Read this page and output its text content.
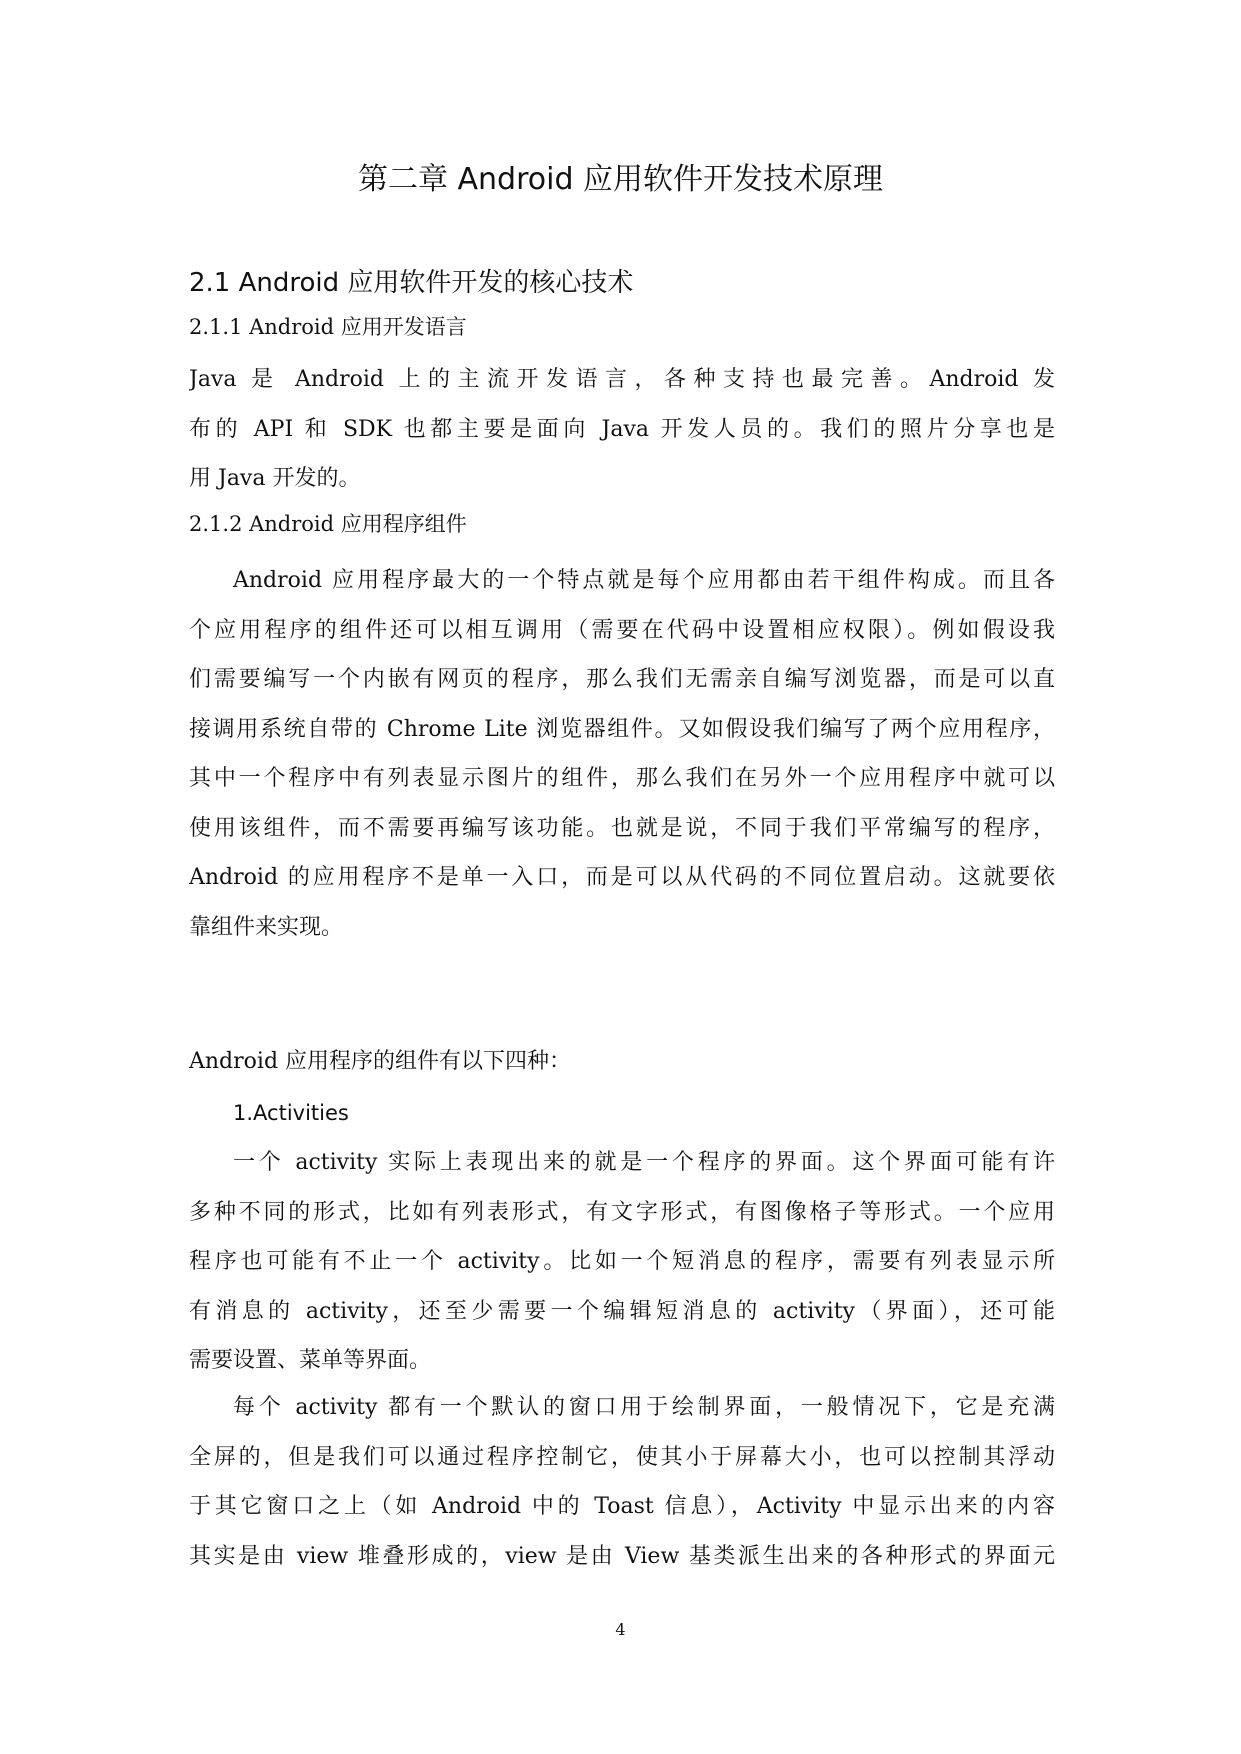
第二章 Android 应用软件开发技术原理
2.1 Android 应用软件开发的核心技术
2.1.1 Android 应用开发语言
Java 是 Android 上的主流开发语言，各种支持也最完善。Android 发
布的 API 和 SDK 也都主要是面向 Java 开发人员的。我们的照片分享也是
用 Java 开发的。
2.1.2 Android 应用程序组件
Android 应用程序最大的一个特点就是每个应用都由若干组件构成。而且各
个应用程序的组件还可以相互调用（需要在代码中设置相应权限）。例如假设我
们需要编写一个内嵌有网页的程序，那么我们无需亲自编写浏览器，而是可以直
接调用系统自带的 Chrome Lite 浏览器组件。又如假设我们编写了两个应用程序，
其中一个程序中有列表显示图片的组件，那么我们在另外一个应用程序中就可以
使用该组件，而不需要再编写该功能。也就是说，不同于我们平常编写的程序，
Android 的应用程序不是单一入口，而是可以从代码的不同位置启动。这就要依
靠组件来实现。
Android 应用程序的组件有以下四种：
1.Activities
一个 activity 实际上表现出来的就是一个程序的界面。这个界面可能有许
多种不同的形式，比如有列表形式，有文字形式，有图像格子等形式。一个应用
程序也可能有不止一个 activity。比如一个短消息的程序，需要有列表显示所
有消息的 activity，还至少需要一个编辑短消息的 activity（界面），还可能
需要设置、菜单等界面。
每个 activity 都有一个默认的窗口用于绘制界面，一般情况下，它是充满
全屏的，但是我们可以通过程序控制它，使其小于屏幕大小，也可以控制其浮动
于其它窗口之上（如 Android 中的 Toast 信息），Activity 中显示出来的内容
其实是由 view 堆叠形成的，view 是由 View 基类派生出来的各种形式的界面元
4
